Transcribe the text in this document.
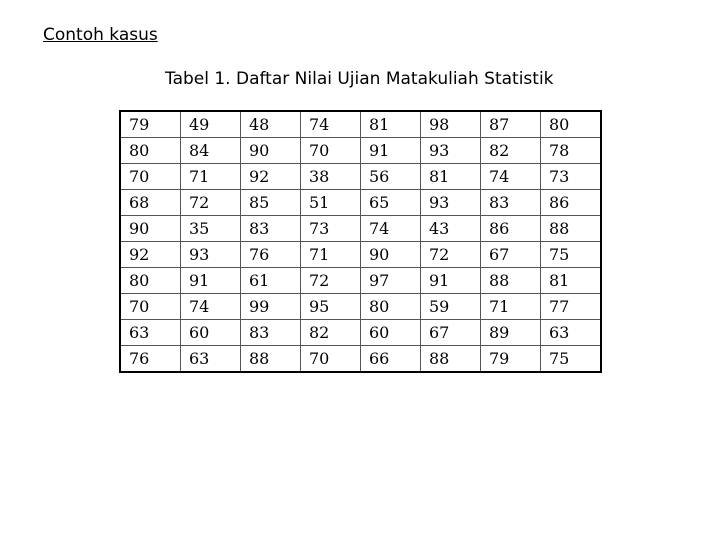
Contoh kasus
Tabel 1. Daftar Nilai Ujian Matakuliah Statistik
79	49	48	74	81	98	87	80
80	84	90	70	91	93	82	78
70	71	92	38	56	81	74	73
68	72	85	51	65	93	83	86
90	35	83	73	74	43	86	88
92	93	76	71	90	72	67	75
80	91	61	72	97	91	88	81
70	74	99	95	80	59	71	77
63	60	83	82	60	67	89	63
76	63	88	70	66	88	79	75
